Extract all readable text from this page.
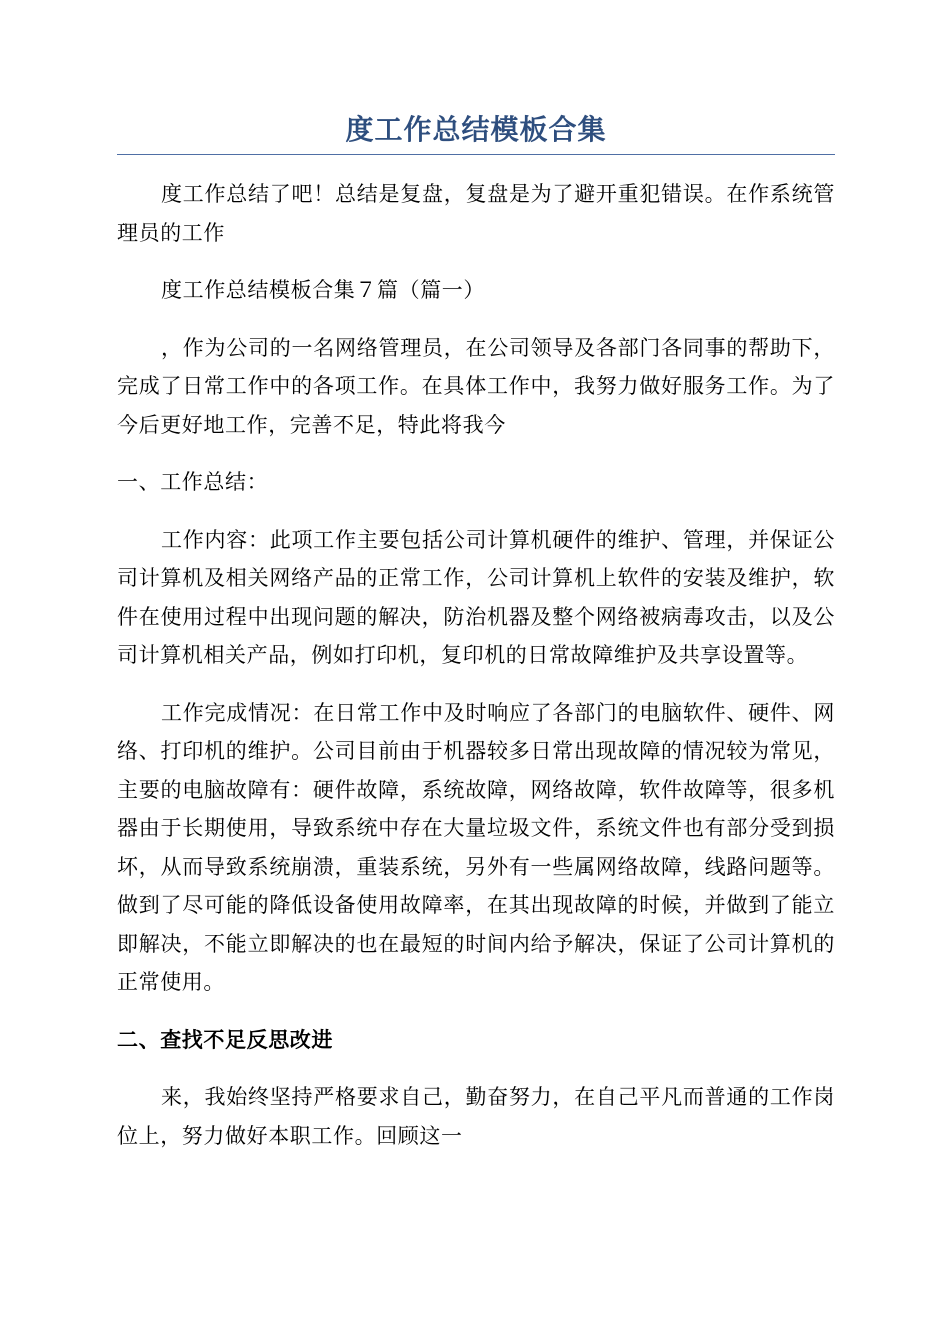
度工作总结模板合集

度工作总结了吧！总结是复盘，复盘是为了避开重犯错误。在作系统管理员的工作

度工作总结模板合集７篇（篇一）

，作为公司的一名网络管理员，在公司领导及各部门各同事的帮助下，完成了日常工作中的各项工作。在具体工作中，我努力做好服务工作。为了今后更好地工作，完善不足，特此将我今

一、工作总结：

工作内容：此项工作主要包括公司计算机硬件的维护、管理，并保证公司计算机及相关网络产品的正常工作，公司计算机上软件的安装及维护，软件在使用过程中出现问题的解决，防治机器及整个网络被病毒攻击，以及公司计算机相关产品，例如打印机，复印机的日常故障维护及共享设置等。

工作完成情况：在日常工作中及时响应了各部门的电脑软件、硬件、网络、打印机的维护。公司目前由于机器较多日常出现故障的情况较为常见，主要的电脑故障有：硬件故障，系统故障，网络故障，软件故障等，很多机器由于长期使用，导致系统中存在大量垃圾文件，系统文件也有部分受到损坏，从而导致系统崩溃，重装系统，另外有一些属网络故障，线路问题等。做到了尽可能的降低设备使用故障率，在其出现故障的时候，并做到了能立即解决，不能立即解决的也在最短的时间内给予解决，保证了公司计算机的正常使用。

二、查找不足反思改进

来，我始终坚持严格要求自己，勤奋努力，在自己平凡而普通的工作岗位上，努力做好本职工作。回顾这一
